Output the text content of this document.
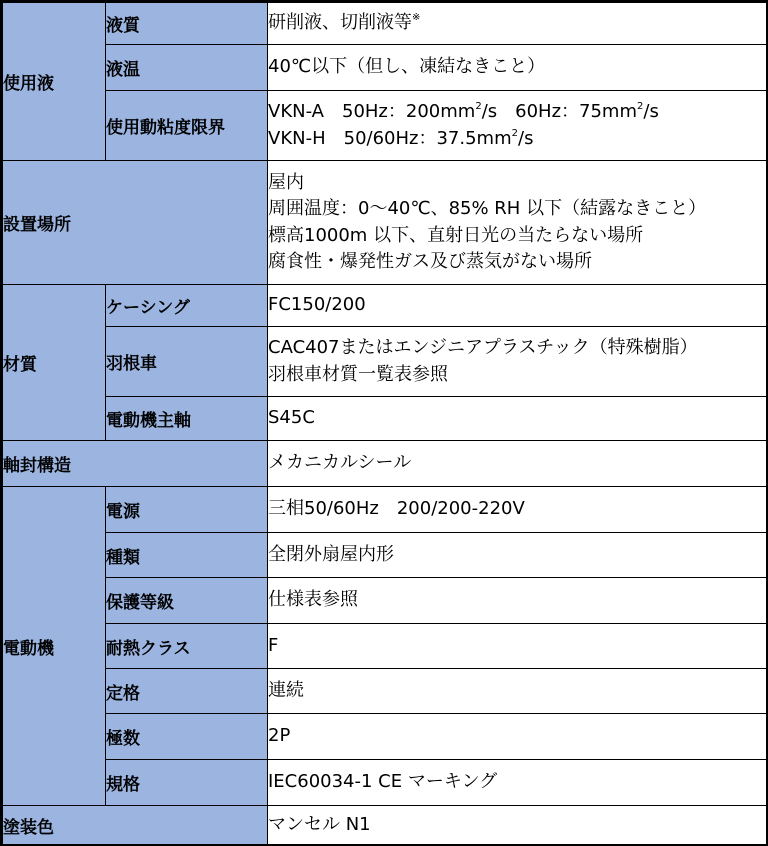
使用液	液質	研削液、切削液等※
	液温	40℃以下（但し、凍結なきこと）
	使用動粘度限界	VKN-A　50Hz：$200mm^2/s$　60Hz：$75mm^2/s$
VKN-H　50/60Hz：$37.5mm^2/s$

設置場所		屋内
周囲温度：0～40℃、85% RH 以下（結露なきこと）
標高1000m 以下、直射日光の当たらない場所
腐食性・爆発性ガス及び蒸気がない場所

材質	ケーシング	FC150/200
	羽根車	CAC407またはエンジニアプラスチック（特殊樹脂）
羽根車材質一覧表参照

	電動機主軸	S45C
軸封構造		メカニカルシール
電動機	電源	三相50/60Hz　200/200-220V
	種類	全閉外扇屋内形
	保護等級	仕様表参照
	耐熱クラス	F
	定格	連続
	極数	2P
	規格	IEC60034-1 CE マーキング
塗装色		マンセル N1
